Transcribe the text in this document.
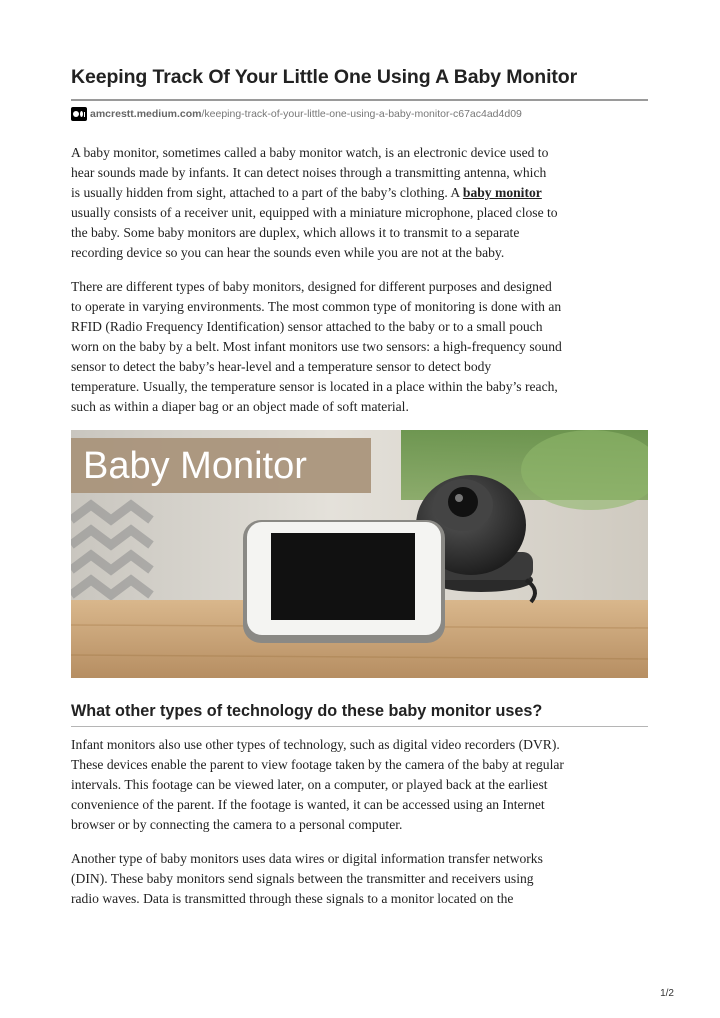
Keeping Track Of Your Little One Using A Baby Monitor
amcrestt.medium.com /keeping-track-of-your-little-one-using-a-baby-monitor-c67ac4ad4d09
A baby monitor, sometimes called a baby monitor watch, is an electronic device used to
hear sounds made by infants. It can detect noises through a transmitting antenna, which
is usually hidden from sight, attached to a part of the baby’s clothing. A baby monitor
usually consists of a receiver unit, equipped with a miniature microphone, placed close to
the baby. Some baby monitors are duplex, which allows it to transmit to a separate
recording device so you can hear the sounds even while you are not at the baby.
There are different types of baby monitors, designed for different purposes and designed
to operate in varying environments. The most common type of monitoring is done with an
RFID (Radio Frequency Identification) sensor attached to the baby or to a small pouch
worn on the baby by a belt. Most infant monitors use two sensors: a high-frequency sound
sensor to detect the baby’s hear-level and a temperature sensor to detect body
temperature. Usually, the temperature sensor is located in a place within the baby’s reach,
such as within a diaper bag or an object made of soft material.
Baby Monitor
What other types of technology do these baby monitor uses?
Infant monitors also use other types of technology, such as digital video recorders (DVR).
These devices enable the parent to view footage taken by the camera of the baby at regular
intervals. This footage can be viewed later, on a computer, or played back at the earliest
convenience of the parent. If the footage is wanted, it can be accessed using an Internet
browser or by connecting the camera to a personal computer.
Another type of baby monitors uses data wires or digital information transfer networks
(DIN). These baby monitors send signals between the transmitter and receivers using
radio waves. Data is transmitted through these signals to a monitor located on the
1/2
